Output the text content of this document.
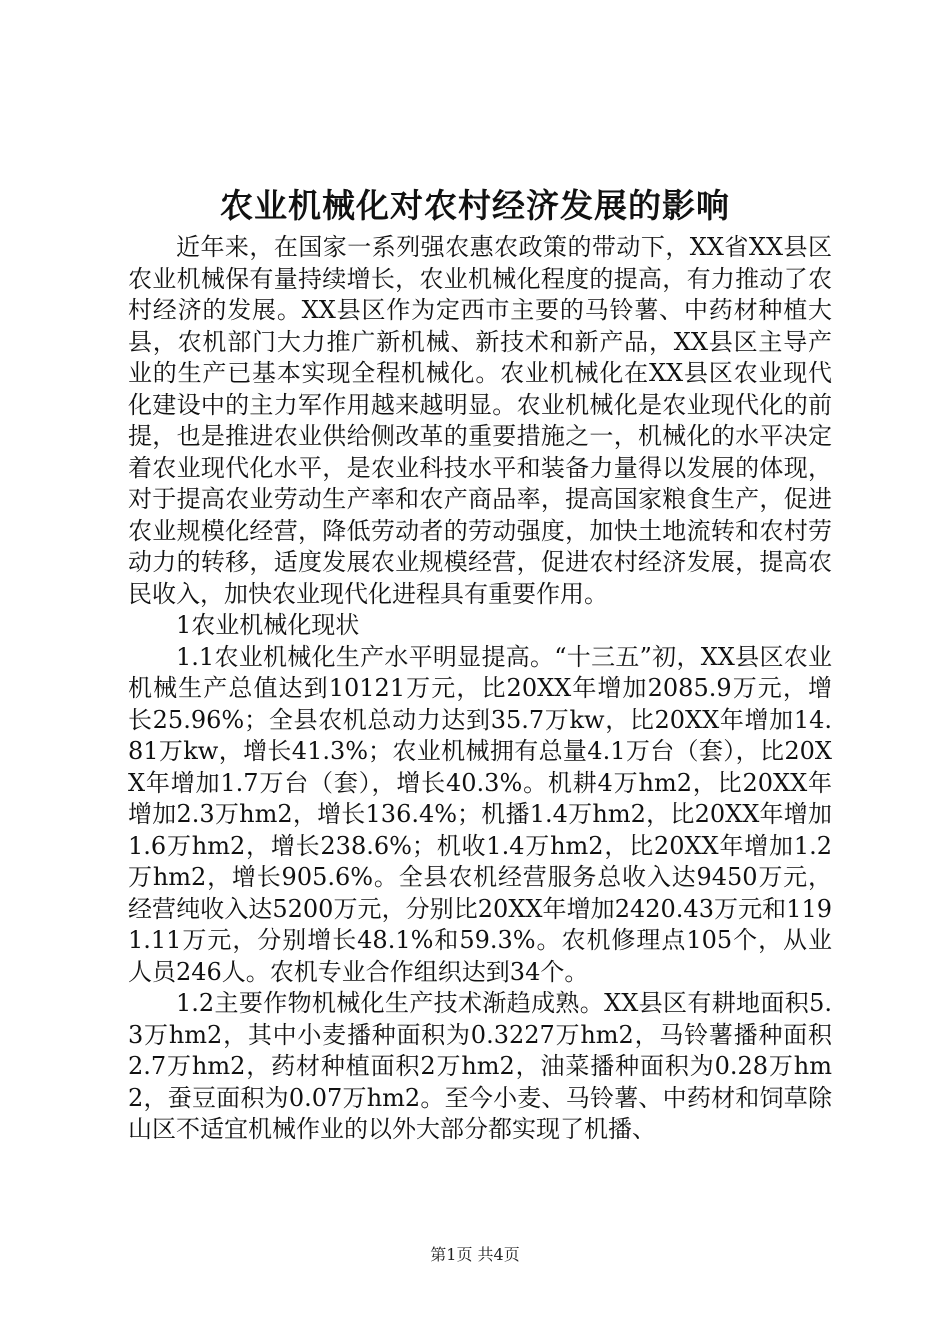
农业机械化对农村经济发展的影响

近年来，在国家一系列强农惠农政策的带动下，XX省XX县区农业机械保有量持续增长，农业机械化程度的提高，有力推动了农村经济的发展。XX县区作为定西市主要的马铃薯、中药材种植大县，农机部门大力推广新机械、新技术和新产品，XX县区主导产业的生产已基本实现全程机械化。农业机械化在XX县区农业现代化建设中的主力军作用越来越明显。农业机械化是农业现代化的前提，也是推进农业供给侧改革的重要措施之一，机械化的水平决定着农业现代化水平，是农业科技水平和装备力量得以发展的体现，对于提高农业劳动生产率和农产商品率，提高国家粮食生产，促进农业规模化经营，降低劳动者的劳动强度，加快土地流转和农村劳动力的转移，适度发展农业规模经营，促进农村经济发展，提高农民收入，加快农业现代化进程具有重要作用。

1农业机械化现状

1.1农业机械化生产水平明显提高。“十三五”初，XX县区农业机械生产总值达到10121万元，比20XX年增加2085.9万元，增长25.96%；全县农机总动力达到35.7万kw，比20XX年增加14.81万kw，增长41.3%；农业机械拥有总量4.1万台（套），比20XX年增加1.7万台（套），增长40.3%。机耕4万hm2，比20XX年增加2.3万hm2，增长136.4%；机播1.4万hm2，比20XX年增加1.6万hm2，增长238.6%；机收1.4万hm2，比20XX年增加1.2万hm2，增长905.6%。全县农机经营服务总收入达9450万元，经营纯收入达5200万元，分别比20XX年增加2420.43万元和1191.11万元，分别增长48.1%和59.3%。农机修理点105个，从业人员246人。农机专业合作组织达到34个。

1.2主要作物机械化生产技术渐趋成熟。XX县区有耕地面积5.3万hm2，其中小麦播种面积为0.3227万hm2，马铃薯播种面积2.7万hm2，药材种植面积2万hm2，油菜播种面积为0.28万hm2，蚕豆面积为0.07万hm2。至今小麦、马铃薯、中药材和饲草除山区不适宜机械作业的以外大部分都实现了机播、

第1页 共4页
